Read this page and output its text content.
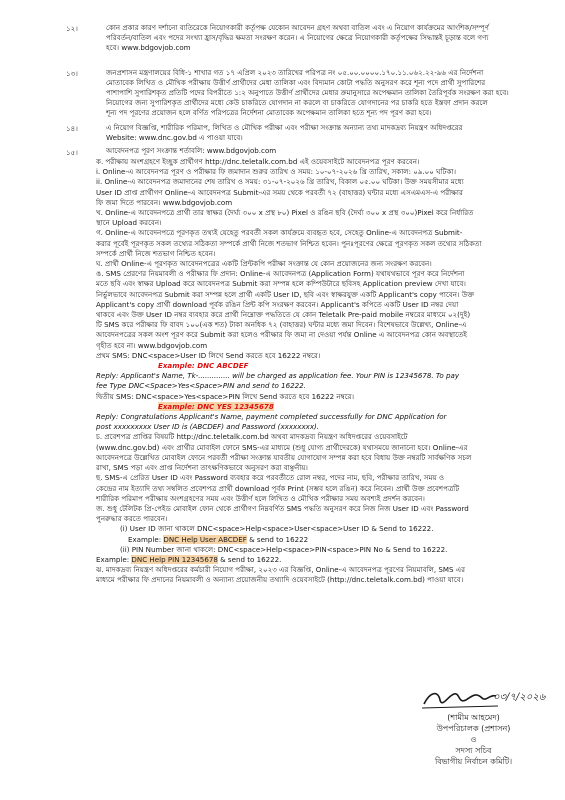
১২।	কোন প্রকার কারণ দর্শানো ব্যতিরেকে নিয়োগকারী কর্তৃপক্ষ যেকোন আবেদন গ্রহণ অথবা বাতিল এবং এ নিয়োগ কার্যক্রমের আংশিক/সম্পূর্ণ

পরিবর্তন/বাতিল এবং পদের সংখ্যা হ্রাস/বৃদ্ধির ক্ষমতা সংরক্ষণ করেন। এ নিয়োগের ক্ষেত্রে নিয়োগকারী কর্তৃপক্ষের সিদ্ধান্তই চূড়ান্ত বলে গণ্য

হবে। www.bdgovjob.com

১৩।	জনপ্রশাসন মন্ত্রণালয়ের বিধি-১ শাখার গত ১৭ এপ্রিল ২০২৩ তারিখের পরিপত্র নং ০৫.০০.০০০০.১৭০.১১.০৬২.২২-৯৬ এর নির্দেশনা

মোতাবেক লিখিত ও মৌখিক পরীক্ষায় উত্তীর্ণ প্রার্থীদের মেধা তালিকা এবং বিদ্যমান কোটা পদ্ধতি অনুসরণ করে শূন্য পদে প্রার্থী সুপারিশের

পাশাপাশি সুপারিশকৃত প্রতিটি পদের বিপরীতে ১:২ অনুপাতে উত্তীর্ণ প্রার্থীদের মেধার ক্রমানুসারে অপেক্ষমান তালিকা তৈরিপূর্বক সংরক্ষণ করা হবে।

নিয়োগের জন্য সুপারিশকৃত প্রার্থীদের মধ্যে কেউ চাকরিতে যোগদান না করলে বা চাকরিতে যোগদানের পর চাকরি হতে ইস্তফা প্রদান করলে

শূন্য পদ পূরণের প্রয়োজন হলে বর্ণিত পরিপত্রের নির্দেশনা মোতাবেক অপেক্ষমান তালিকা হতে শূন্য পদ পূরণ করা হবে।

১৪।	এ নিয়োগ বিজ্ঞপ্তি, শারীরিক পরিমাপ, লিখিত ও মৌখিক পরীক্ষা এবং পরীক্ষা সংক্রান্ত অন্যান্য তথ্য মাদকদ্রব্য নিয়ন্ত্রণ অধিদপ্তরের

Website: www.dnc.gov.bd এ পাওয়া যাবে।

১৫।	আবেদনপত্র পূরণ সংক্রান্ত শর্তাবলি: www.bdgovjob.com

ক. পরীক্ষায় অংশগ্রহণে ইচ্ছুক প্রার্থীগণ http://dnc.teletalk.com.bd এই ওয়েবসাইটে আবেদনপত্র পূরণ করবেন।

i. Online-এ আবেদনপত্র পূরণ ও পরীক্ষার ফি জমাদান শুরুর তারিখ ও সময়: ১০-০৭-২০২৬ খ্রি তারিখ, সকাল: ০৯.০০ ঘটিকা।

ii. Online-এ আবেদনপত্র জমাদানের শেষ তারিখ ও সময়: ৩১-০৭-২০২৬ খ্রি তারিখ, বিকাল ০৫.০০ ঘটিকা। উক্ত সময়সীমার মধ্যে

User ID প্রাপ্ত প্রার্থীগণ Online-এ আবেদনপত্র Submit-এর সময় থেকে পরবর্তী ৭২ (বাহাত্তর) ঘন্টার মধ্যে এসএমএস-এ পরীক্ষার

ফি জমা দিতে পারবেন। www.bdgovjob.com

খ. Online-এ আবেদনপত্রে প্রার্থী তার স্বাক্ষর (দৈর্ঘ্য ৩০০ x প্রস্থ ৮০) Pixel ও রঙিন ছবি (দৈর্ঘ্য ৩০০ x প্রস্থ ৩০০)Pixel করে নির্ধারিত

স্থানে Upload করবেন।

গ. Online-এ আবেদনপত্রে পূরণকৃত তথ্যই যেহেতু পরবর্তী সকল কার্যক্রমে ব্যবহৃত হবে, সেহেতু Online-এ আবেদনপত্র Submit-

করার পূর্বেই পূরণকৃত সকল তথ্যের সঠিকতা সম্পর্কে প্রার্থী নিজে শতভাগ নিশ্চিত হবেন। পুনঃপূরণের ক্ষেত্রে পূরণকৃত সকল তথ্যের সঠিকতা

সম্পর্কে প্রার্থী নিজে শতভাগ নিশ্চিত হবেন।

ঘ. প্রার্থী Online-এ পূরণকৃত আবেদনপত্রের একটি প্রিন্টকপি পরীক্ষা সংক্রান্ত যে কোন প্রয়োজনের জন্য সংরক্ষণ করবেন।

ঙ. SMS প্রেরণের নিয়মাবলী ও পরীক্ষার ফি প্রদান: Online-এ আবেদনপত্র (Application Form) যথাযথভাবে পূরণ করে নির্দেশনা

মতে ছবি এবং স্বাক্ষর Upload করে আবেদনপত্র Submit করা সম্পন্ন হলে কম্পিউটারে ছবিসহ Application preview দেখা যাবে।

নির্ভুলভাবে আবেদনপত্র Submit করা সম্পন্ন হলে প্রার্থী একটি User ID, ছবি এবং স্বাক্ষরযুক্ত একটি Applicant's copy পাবেন। উক্ত

Applicant's copy প্রার্থী download পূর্বক রঙিন প্রিন্ট কপি সংরক্ষণ করবেন। Applicant's কপিতে একটি User ID নম্বর দেয়া

থাকবে এবং উক্ত User ID নম্বর ব্যবহার করে প্রার্থী নিম্নোক্ত পদ্ধতিতে যে কোন Teletalk Pre-paid mobile নম্বরের মাধ্যমে ০২(দুই)

টি SMS করে পরীক্ষার ফি বাবদ ১০০(এক শত) টাকা অনধিক ৭২ (বাহাত্তর) ঘন্টার মধ্যে জমা দিবেন। বিশেষভাবে উল্লেখ্য, Online-এ

আবেদনপত্রের সকল অংশ পূরণ করে Submit করা হলেও পরীক্ষার ফি জমা না দেওয়া পর্যন্ত Online এ আবেদনপত্র কোন অবস্থাতেই

গৃহীত হবে না। www.bdgovjob.com

প্রথম SMS: DNC<space>User ID লিখে Send করতে হবে 16222 নম্বরে।

Example: DNC ABCDEF

Reply: Applicant's Name, Tk-.............. will be charged as application fee. Your PIN is 12345678. To pay

fee Type DNC<Space>Yes<Space>PIN and send to 16222.

দ্বিতীয় SMS: DNC<space>Yes<space>PIN লিখে Send করতে হবে 16222 নম্বরে।

Example: DNC YES 12345678

Reply: Congratulations Applicant's Name, payment completed successfully for DNC Application for

post xxxxxxxxx User ID is (ABCDEF) and Password (xxxxxxxx).

চ. প্রবেশপত্র প্রাপ্তির বিষয়টি http://dnc.teletalk.com.bd অথবা মাদকদ্রব্য নিয়ন্ত্রণ অধিদপ্তরের ওয়েবসাইটে

(www.dnc.gov.bd) এবং প্রার্থীর মোবাইল ফোনে SMS-এর মাধ্যমে (শুধু যোগ্য প্রার্থীদেরকে) যথাসময়ে জানানো হবে। Online-এর

আবেদনপত্রে উল্লেখিত মোবাইল ফোনে পরবর্তী পরীক্ষা সংক্রান্ত যাবতীয় যোগাযোগ সম্পন্ন করা হবে বিধায় উক্ত নম্বরটি সার্বক্ষণিক সচল

রাখা, SMS পড়া এবং প্রাপ্ত নির্দেশনা তাৎক্ষণিকভাবে অনুসরণ করা বাঞ্ছনীয়।

ছ. SMS-এ প্রেরিত User ID এবং Password ব্যবহার করে পরবর্তীতে রোল নম্বর, পদের নাম, ছবি, পরীক্ষার তারিখ, সময় ও

কেন্দ্রের নাম ইত্যাদি তথ্য সম্বলিত প্রবেশপত্র প্রার্থী download পূর্বক Print (সম্ভব হলে রঙিন) করে নিবেন। প্রার্থী উক্ত প্রবেশপত্রটি

শারীরিক পরিমাপ পরীক্ষায় অংশগ্রহণের সময় এবং উত্তীর্ণ হলে লিখিত ও মৌখিক পরীক্ষার সময় অবশ্যই প্রদর্শন করবেন।

জ. শুধু টেলিটক প্রি-পেইড মোবাইল ফোন থেকে প্রার্থীগণ নিম্নবর্ণিত SMS পদ্ধতি অনুসরণ করে নিজ নিজ User ID এবং Password

পুনরুদ্ধার করতে পারবেন।

(i) User ID জানা থাকলে DNC<space>Help<space>User<space>User ID & Send to 16222.

Example: DNC Help User ABCDEF & send to 16222

(ii) PIN Number জানা থাকলে: DNC<space>Help<space>PIN<space>PIN No & Send to 16222.

Example: DNC Help PIN 12345678 & send to 16222.

ঝ. মাদকদ্রব্য নিয়ন্ত্রণ অধিদপ্তরের কর্মচারী নিয়োগ পরীক্ষা, ২০২৩ এর বিজ্ঞপ্তি, Online-এ আবেদনপত্র পূরণের নিয়মাবলি, SMS এর

মাধ্যমে পরীক্ষার ফি প্রদানের নিয়মাবলী ও অন্যান্য প্রয়োজনীয় তথ্যাদি ওয়েবসাইটে (http://dnc.teletalk.com.bd) পাওয়া যাবে।

০৩/৭/২০২৬
(শামীম আহমেদ)
উপপরিচালক (প্রশাসন)
ও
সদস্য সচিব
বিভাগীয় নির্বাচন কমিটি।
